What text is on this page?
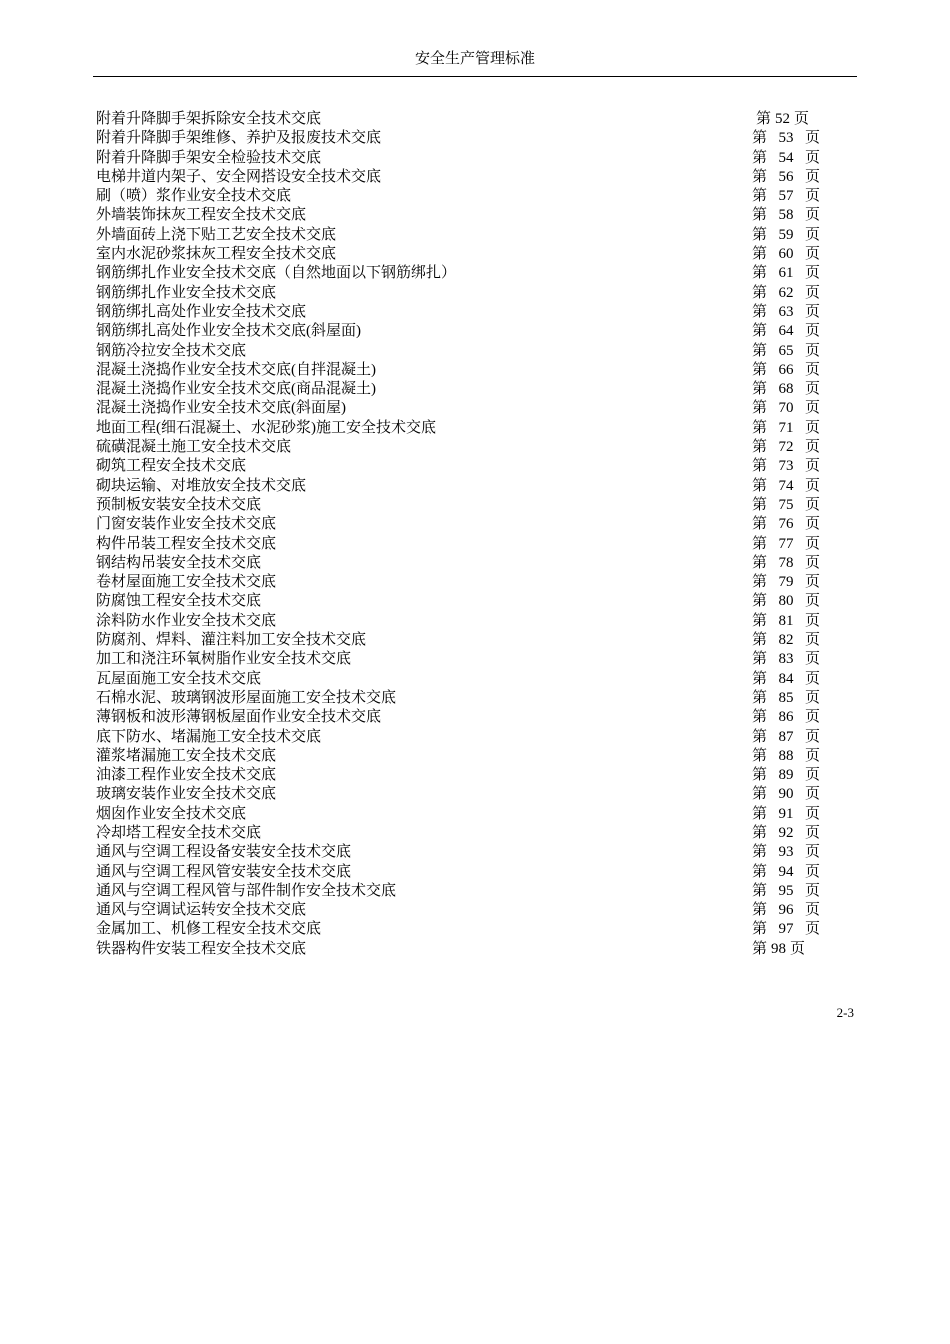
安全生产管理标准
附着升降脚手架拆除安全技术交底	第 52 页
附着升降脚手架维修、养护及报废技术交底	第 53 页
附着升降脚手架安全检验技术交底	第 54 页
电梯井道内架子、安全网搭设安全技术交底	第 56 页
刷（喷）浆作业安全技术交底	第 57 页
外墙装饰抹灰工程安全技术交底	第 58 页
外墙面砖上浇下贴工艺安全技术交底	第 59 页
室内水泥砂浆抹灰工程安全技术交底	第 60 页
钢筋绑扎作业安全技术交底（自然地面以下钢筋绑扎）	第 61 页
钢筋绑扎作业安全技术交底	第 62 页
钢筋绑扎高处作业安全技术交底	第 63 页
钢筋绑扎高处作业安全技术交底(斜屋面)	第 64 页
钢筋冷拉安全技术交底	第 65 页
混凝土浇捣作业安全技术交底(自拌混凝土)	第 66 页
混凝土浇捣作业安全技术交底(商品混凝土)	第 68 页
混凝土浇捣作业安全技术交底(斜面屋)	第 70 页
地面工程(细石混凝土、水泥砂浆)施工安全技术交底	第 71 页
硫磺混凝土施工安全技术交底	第 72 页
砌筑工程安全技术交底	第 73 页
砌块运输、对堆放安全技术交底	第 74 页
预制板安装安全技术交底	第 75 页
门窗安装作业安全技术交底	第 76 页
构件吊装工程安全技术交底	第 77 页
钢结构吊装安全技术交底	第 78 页
卷材屋面施工安全技术交底	第 79 页
防腐蚀工程安全技术交底	第 80 页
涂料防水作业安全技术交底	第 81 页
防腐剂、焊料、灌注料加工安全技术交底	第 82 页
加工和浇注环氧树脂作业安全技术交底	第 83 页
瓦屋面施工安全技术交底	第 84 页
石棉水泥、玻璃钢波形屋面施工安全技术交底	第 85 页
薄钢板和波形薄钢板屋面作业安全技术交底	第 86 页
底下防水、堵漏施工安全技术交底	第 87 页
灌浆堵漏施工安全技术交底	第 88 页
油漆工程作业安全技术交底	第 89 页
玻璃安装作业安全技术交底	第 90 页
烟囱作业安全技术交底	第 91 页
冷却塔工程安全技术交底	第 92 页
通风与空调工程设备安装安全技术交底	第 93 页
通风与空调工程风管安装安全技术交底	第 94 页
通风与空调工程风管与部件制作安全技术交底	第 95 页
通风与空调试运转安全技术交底	第 96 页
金属加工、机修工程安全技术交底	第 97 页
铁器构件安装工程安全技术交底	第 98 页
2-3
